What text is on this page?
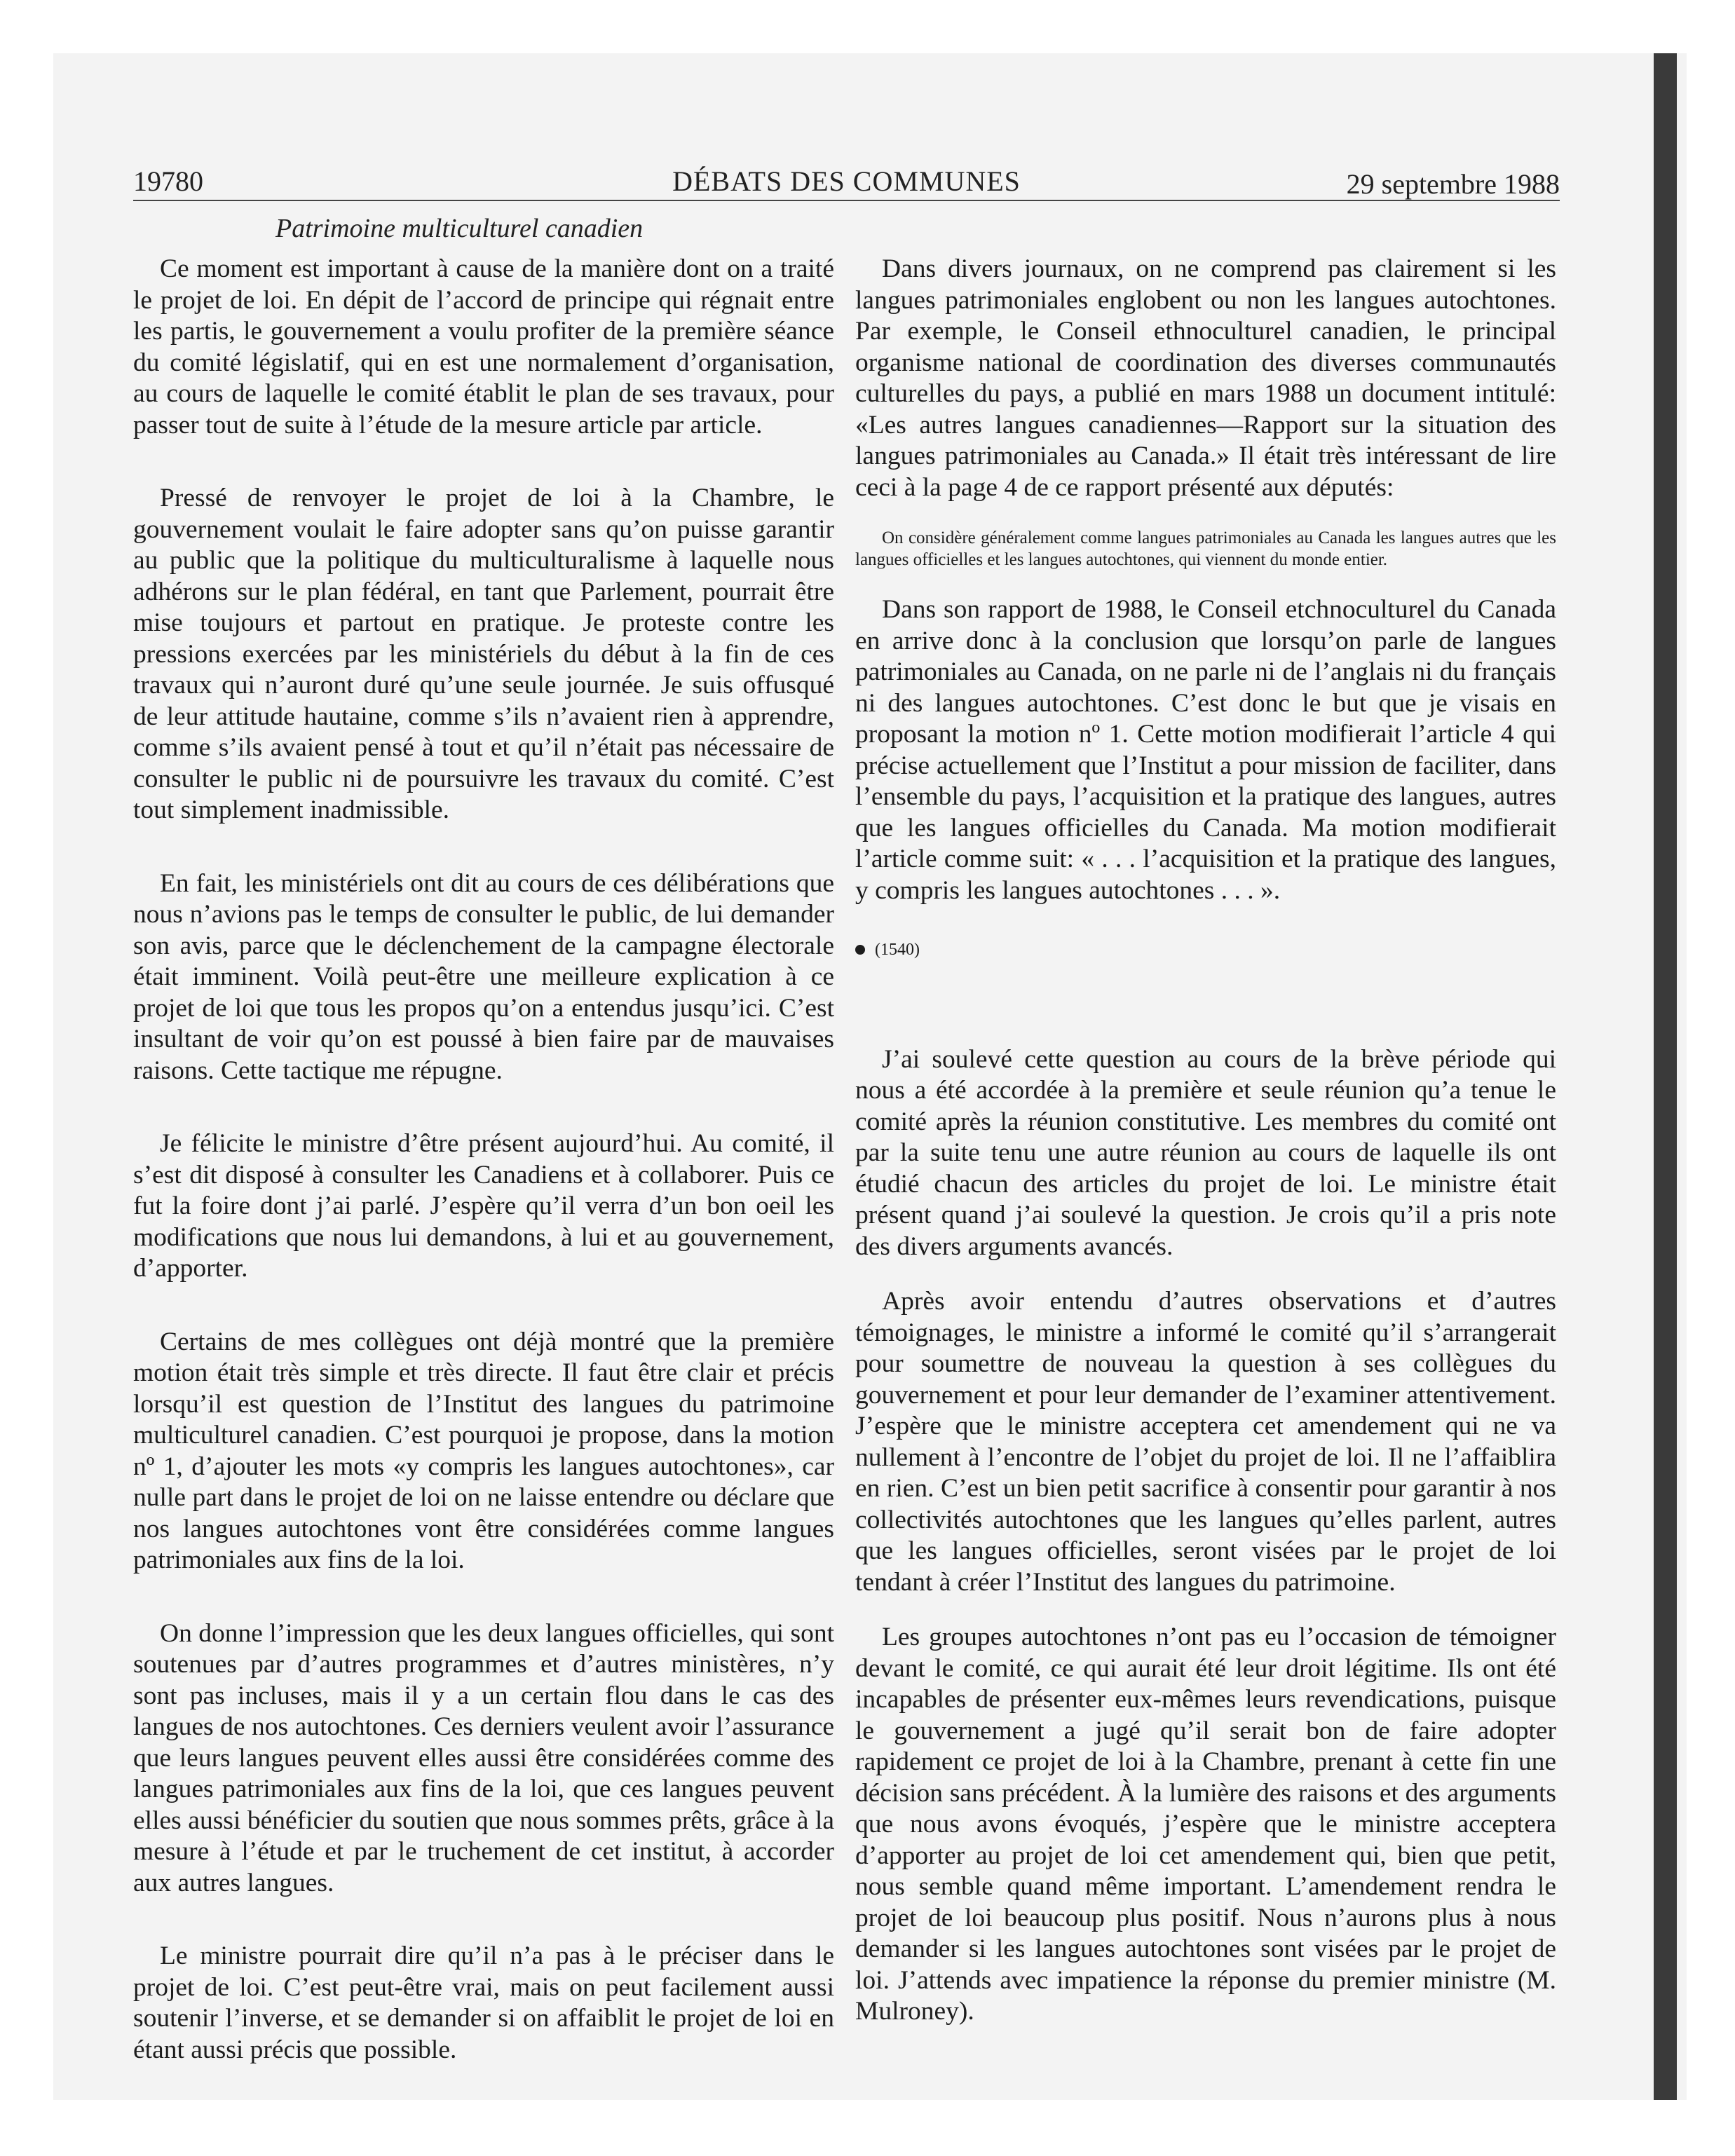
19780	DÉBATS DES COMMUNES	29 septembre 1988
Patrimoine multiculturel canadien

Ce moment est important à cause de la manière dont on a traité le projet de loi. En dépit de l’accord de principe qui régnait entre les partis, le gouvernement a voulu profiter de la première séance du comité législatif, qui en est une normalement d’organisation, au cours de laquelle le comité établit le plan de ses travaux, pour passer tout de suite à l’étude de la mesure article par article.

Pressé de renvoyer le projet de loi à la Chambre, le gouvernement voulait le faire adopter sans qu’on puisse garantir au public que la politique du multiculturalisme à laquelle nous adhérons sur le plan fédéral, en tant que Parlement, pourrait être mise toujours et partout en pratique. Je proteste contre les pressions exercées par les ministériels du début à la fin de ces travaux qui n’auront duré qu’une seule journée. Je suis offusqué de leur attitude hautaine, comme s’ils n’avaient rien à apprendre, comme s’ils avaient pensé à tout et qu’il n’était pas nécessaire de consulter le public ni de poursuivre les travaux du comité. C’est tout simplement inadmissible.

En fait, les ministériels ont dit au cours de ces délibérations que nous n’avions pas le temps de consulter le public, de lui demander son avis, parce que le déclenchement de la campagne électorale était imminent. Voilà peut-être une meilleure explication à ce projet de loi que tous les propos qu’on a entendus jusqu’ici. C’est insultant de voir qu’on est poussé à bien faire par de mauvaises raisons. Cette tactique me répugne.

Je félicite le ministre d’être présent aujourd’hui. Au comité, il s’est dit disposé à consulter les Canadiens et à collaborer. Puis ce fut la foire dont j’ai parlé. J’espère qu’il verra d’un bon oeil les modifications que nous lui demandons, à lui et au gouvernement, d’apporter.

Certains de mes collègues ont déjà montré que la première motion était très simple et très directe. Il faut être clair et précis lorsqu’il est question de l’Institut des langues du patrimoine multiculturel canadien. C’est pourquoi je propose, dans la motion nº 1, d’ajouter les mots «y compris les langues autochtones», car nulle part dans le projet de loi on ne laisse entendre ou déclare que nos langues autochtones vont être considérées comme langues patrimoniales aux fins de la loi.

On donne l’impression que les deux langues officielles, qui sont soutenues par d’autres programmes et d’autres ministères, n’y sont pas incluses, mais il y a un certain flou dans le cas des langues de nos autochtones. Ces derniers veulent avoir l’assurance que leurs langues peuvent elles aussi être considérées comme des langues patrimoniales aux fins de la loi, que ces langues peuvent elles aussi bénéficier du soutien que nous sommes prêts, grâce à la mesure à l’étude et par le truchement de cet institut, à accorder aux autres langues.

Le ministre pourrait dire qu’il n’a pas à le préciser dans le projet de loi. C’est peut-être vrai, mais on peut facilement aussi soutenir l’inverse, et se demander si on affaiblit le projet de loi en étant aussi précis que possible.

Dans divers journaux, on ne comprend pas clairement si les langues patrimoniales englobent ou non les langues autochtones. Par exemple, le Conseil ethnoculturel canadien, le principal organisme national de coordination des diverses communautés culturelles du pays, a publié en mars 1988 un document intitulé: «Les autres langues canadiennes—Rapport sur la situation des langues patrimoniales au Canada.» Il était très intéressant de lire ceci à la page 4 de ce rapport présenté aux députés:

On considère généralement comme langues patrimoniales au Canada les langues autres que les langues officielles et les langues autochtones, qui viennent du monde entier.

Dans son rapport de 1988, le Conseil etchnoculturel du Canada en arrive donc à la conclusion que lorsqu’on parle de langues patrimoniales au Canada, on ne parle ni de l’anglais ni du français ni des langues autochtones. C’est donc le but que je visais en proposant la motion nº 1. Cette motion modifierait l’article 4 qui précise actuellement que l’Institut a pour mission de faciliter, dans l’ensemble du pays, l’acquisition et la pratique des langues, autres que les langues officielles du Canada. Ma motion modifierait l’article comme suit: « . . . l’acquisition et la pratique des langues, y compris les langues autochtones . . . ».

(1540)

J’ai soulevé cette question au cours de la brève période qui nous a été accordée à la première et seule réunion qu’a tenue le comité après la réunion constitutive. Les membres du comité ont par la suite tenu une autre réunion au cours de laquelle ils ont étudié chacun des articles du projet de loi. Le ministre était présent quand j’ai soulevé la question. Je crois qu’il a pris note des divers arguments avancés.

Après avoir entendu d’autres observations et d’autres témoignages, le ministre a informé le comité qu’il s’arrangerait pour soumettre de nouveau la question à ses collègues du gouvernement et pour leur demander de l’examiner attentivement. J’espère que le ministre acceptera cet amendement qui ne va nullement à l’encontre de l’objet du projet de loi. Il ne l’affaiblira en rien. C’est un bien petit sacrifice à consentir pour garantir à nos collectivités autochtones que les langues qu’elles parlent, autres que les langues officielles, seront visées par le projet de loi tendant à créer l’Institut des langues du patrimoine.

Les groupes autochtones n’ont pas eu l’occasion de témoigner devant le comité, ce qui aurait été leur droit légitime. Ils ont été incapables de présenter eux-mêmes leurs revendications, puisque le gouvernement a jugé qu’il serait bon de faire adopter rapidement ce projet de loi à la Chambre, prenant à cette fin une décision sans précédent. À la lumière des raisons et des arguments que nous avons évoqués, j’espère que le ministre acceptera d’apporter au projet de loi cet amendement qui, bien que petit, nous semble quand même important. L’amendement rendra le projet de loi beaucoup plus positif. Nous n’aurons plus à nous demander si les langues autochtones sont visées par le projet de loi. J’attends avec impatience la réponse du premier ministre (M. Mulroney).
